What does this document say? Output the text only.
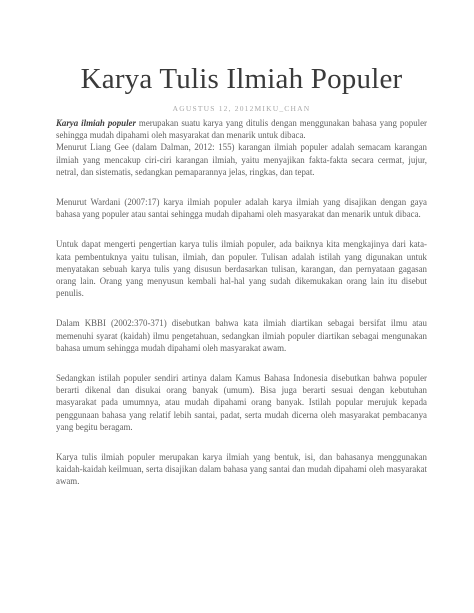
Karya Tulis Ilmiah Populer
AGUSTUS 12, 2012MIKU_CHAN

Karya ilmiah populer merupakan suatu karya yang ditulis dengan menggunakan bahasa yang populer sehingga mudah dipahami oleh masyarakat dan menarik untuk dibaca.

Menurut Liang Gee (dalam Dalman, 2012: 155) karangan ilmiah populer adalah semacam karangan ilmiah yang mencakup ciri-ciri karangan ilmiah, yaitu menyajikan fakta-fakta secara cermat, jujur, netral, dan sistematis, sedangkan pemaparannya jelas, ringkas, dan tepat.

Menurut Wardani (2007:17) karya ilmiah populer adalah karya ilmiah yang disajikan dengan gaya bahasa yang populer atau santai sehingga mudah dipahami oleh masyarakat dan menarik untuk dibaca.

Untuk dapat mengerti pengertian karya tulis ilmiah populer, ada baiknya kita mengkajinya dari kata-kata pembentuknya yaitu tulisan, ilmiah, dan populer. Tulisan adalah istilah yang digunakan untuk menyatakan sebuah karya tulis yang disusun berdasarkan tulisan, karangan, dan pernyataan gagasan orang lain. Orang yang menyusun kembali hal-hal yang sudah dikemukakan orang lain itu disebut penulis.

Dalam KBBI (2002:370-371) disebutkan bahwa kata ilmiah diartikan sebagai bersifat ilmu atau memenuhi syarat (kaidah) ilmu pengetahuan, sedangkan ilmiah populer diartikan sebagai mengunakan bahasa umum sehingga mudah dipahami oleh masyarakat awam.

Sedangkan istilah populer sendiri artinya dalam Kamus Bahasa Indonesia disebutkan bahwa populer berarti dikenal dan disukai orang banyak (umum). Bisa juga berarti sesuai dengan kebutuhan masyarakat pada umumnya, atau mudah dipahami orang banyak. Istilah popular merujuk kepada penggunaan bahasa yang relatif lebih santai, padat, serta mudah dicerna oleh masyarakat pembacanya yang begitu beragam.

Karya tulis ilmiah populer merupakan karya ilmiah yang bentuk, isi, dan bahasanya menggunakan kaidah-kaidah keilmuan, serta disajikan dalam bahasa yang santai dan mudah dipahami oleh masyarakat awam.
